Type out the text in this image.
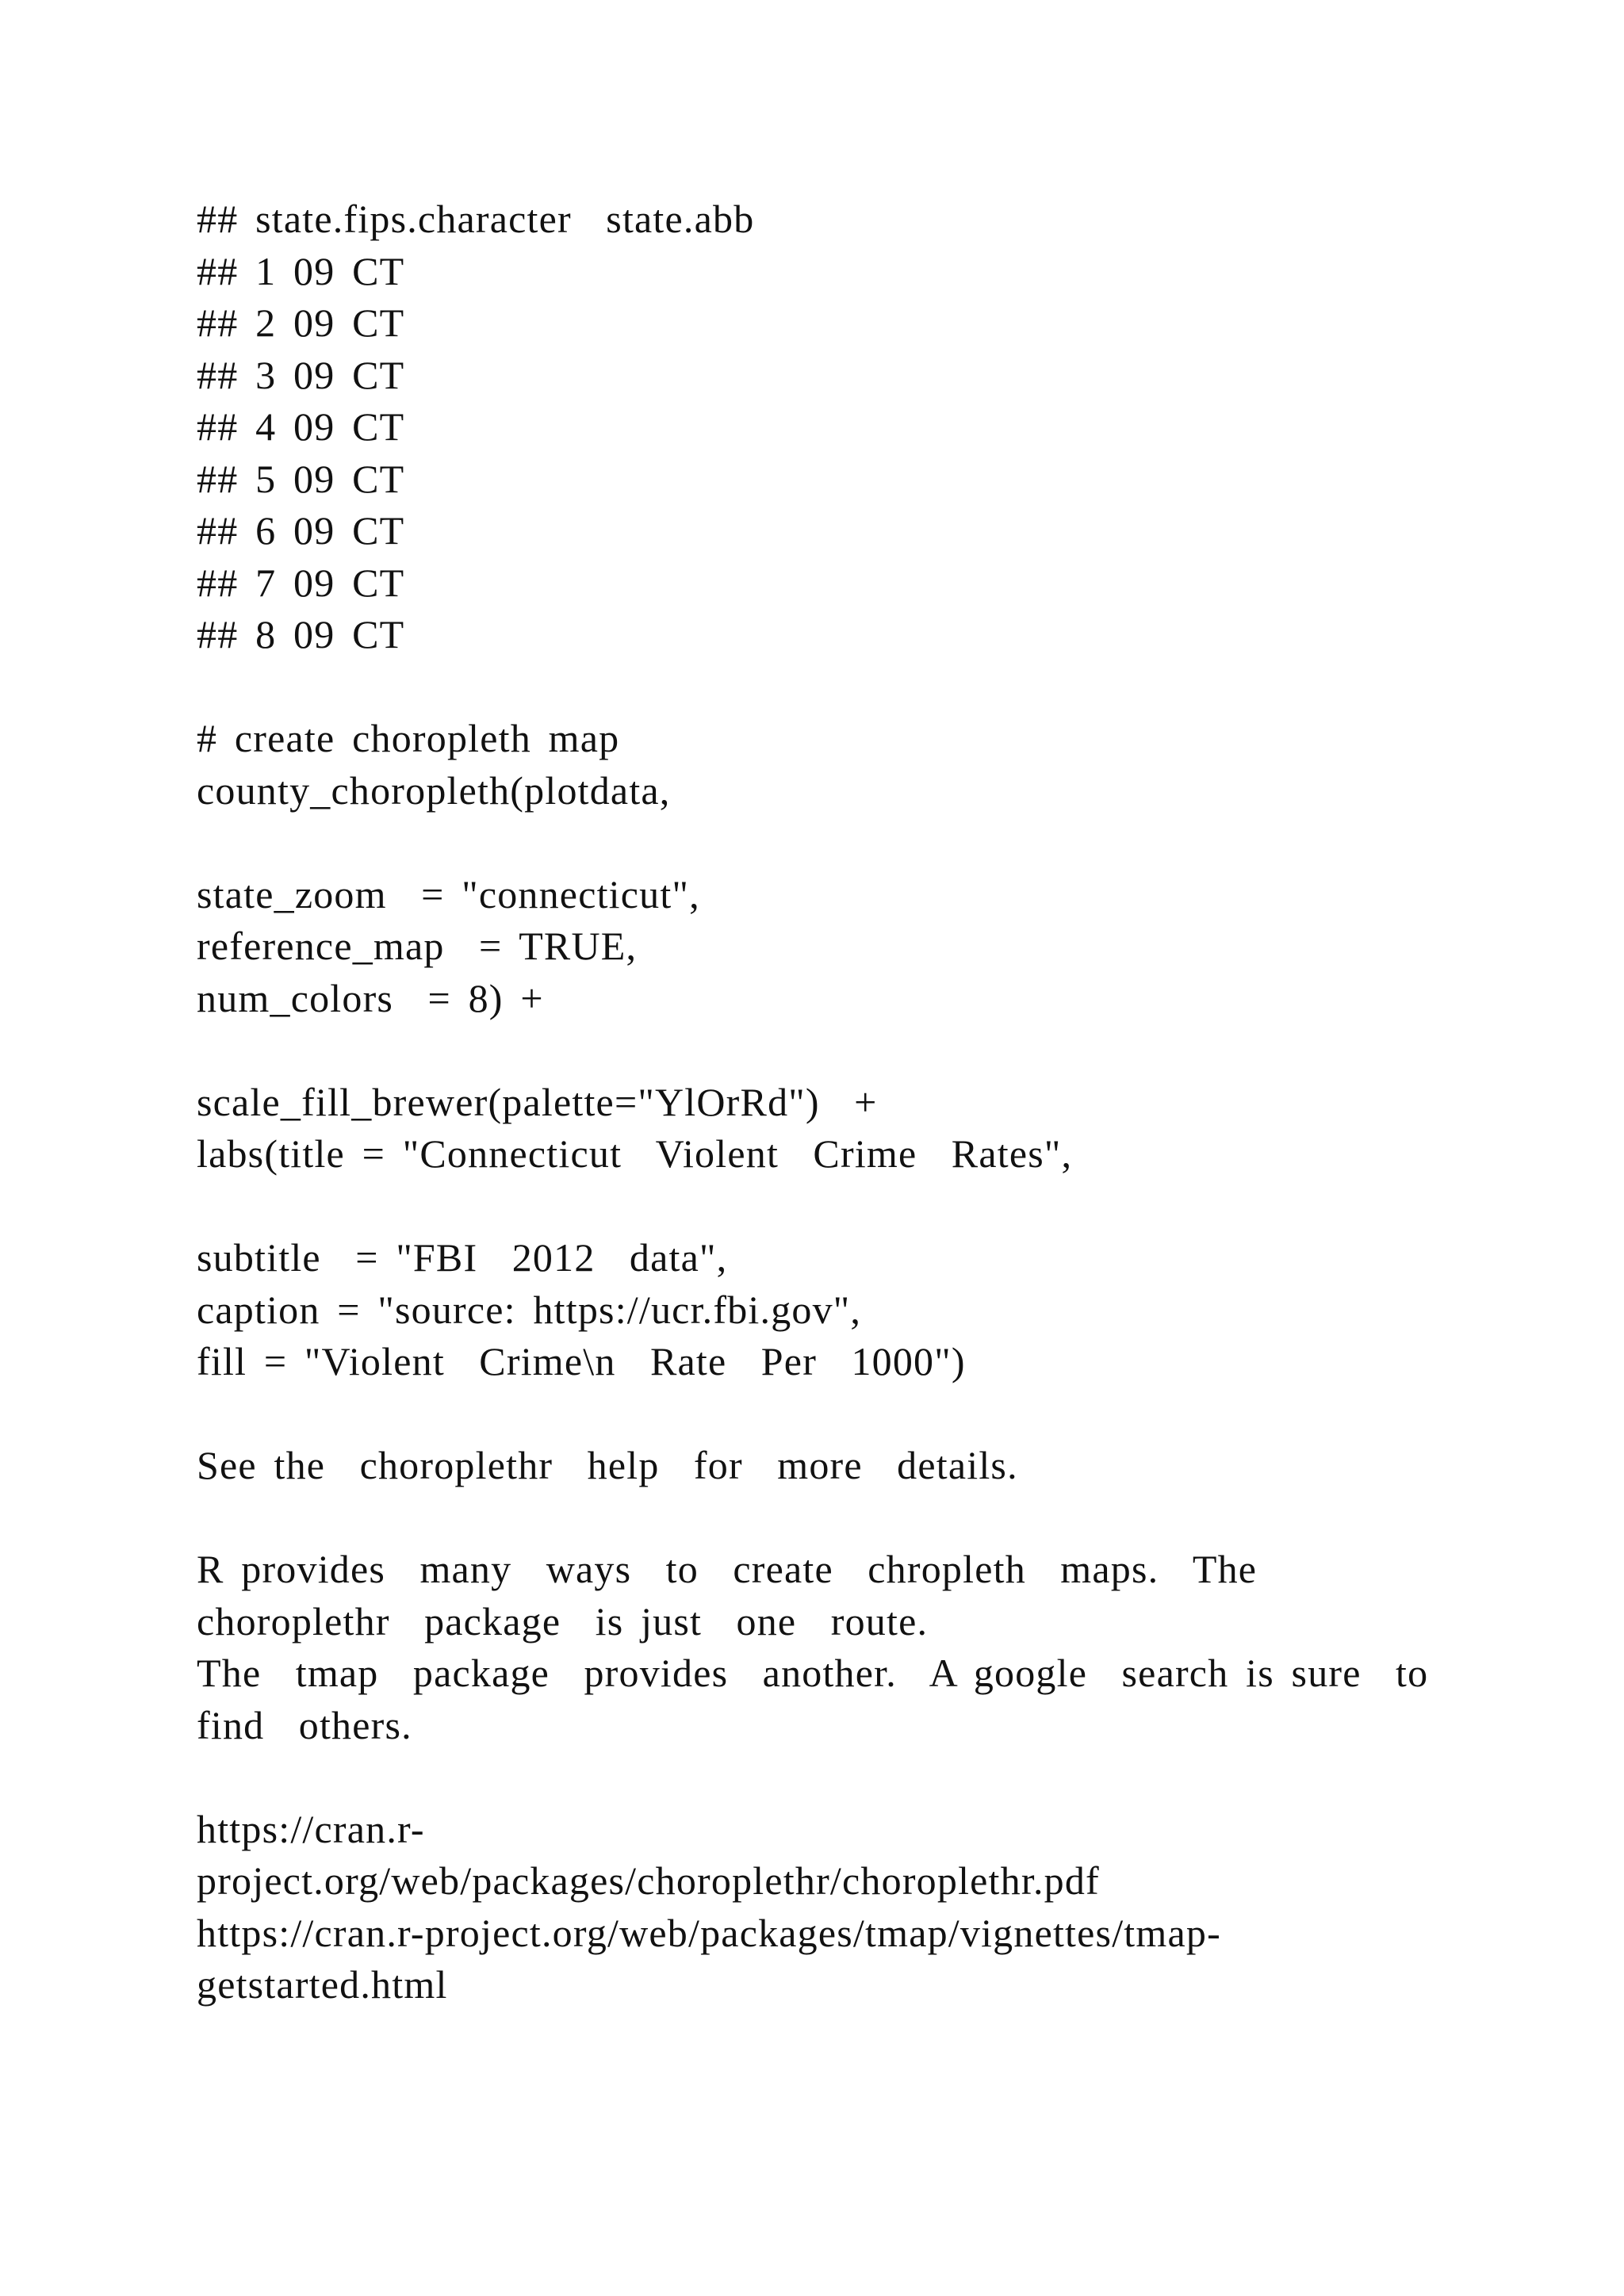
## state.fips.character  state.abb
## 1 09 CT
## 2 09 CT
## 3 09 CT
## 4 09 CT
## 5 09 CT
## 6 09 CT
## 7 09 CT
## 8 09 CT
# create choropleth map
county_choropleth(plotdata,
state_zoom  = "connecticut",
reference_map  = TRUE,
num_colors  = 8) +
scale_fill_brewer(palette="YlOrRd")  +
labs(title = "Connecticut  Violent  Crime  Rates",
subtitle  = "FBI  2012  data",
caption = "source: https://ucr.fbi.gov",
fill = "Violent  Crime\n  Rate  Per  1000")
See the  choroplethr  help  for  more  details.
R provides  many  ways  to  create  chropleth  maps.  The
choroplethr  package  is just  one  route.
The  tmap  package  provides  another.  A google  search is sure  to
find  others.
https://cran.r-
project.org/web/packages/choroplethr/choroplethr.pdf
https://cran.r-project.org/web/packages/tmap/vignettes/tmap-
getstarted.html
